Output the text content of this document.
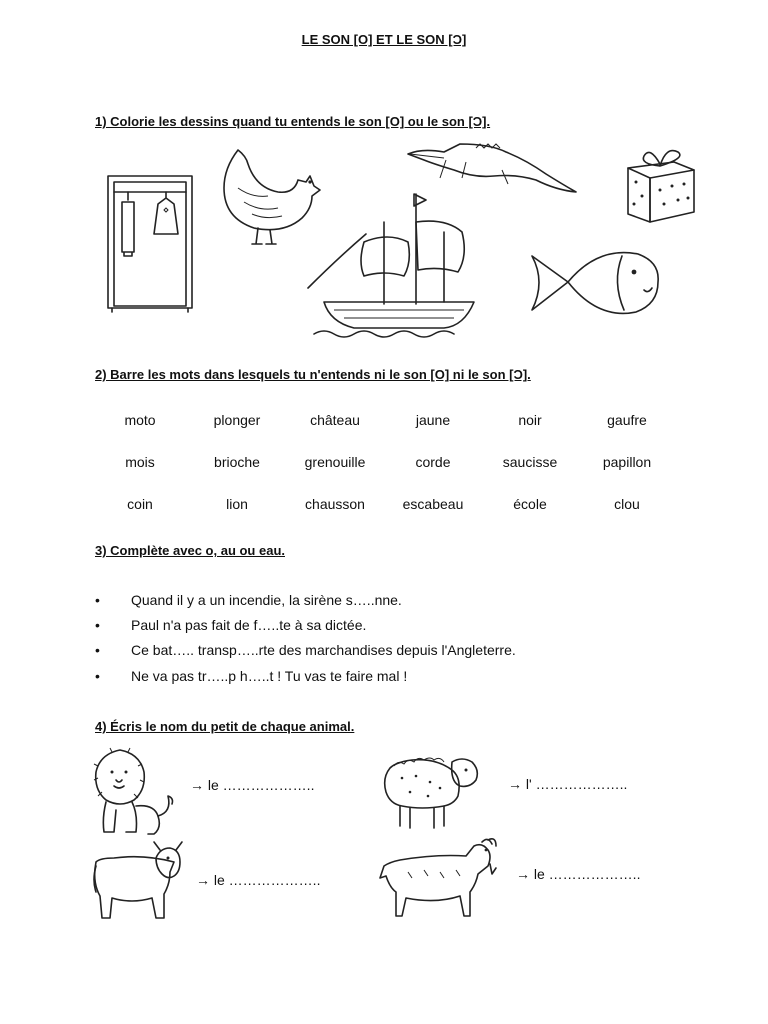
LE SON [O] ET LE SON [Ɔ]
1) Colorie les dessins quand tu entends le son [O] ou le son [Ɔ].
2) Barre les mots dans lesquels tu n'entends ni le son [O] ni le son [Ɔ].
moto	plonger	château	jaune	noir	gaufre
mois	brioche	grenouille	corde	saucisse	papillon
coin	lion	chausson	escabeau	école	clou
3) Complète avec o, au ou eau.
• Quand il y a un incendie, la sirène s…..nne.
• Paul n'a pas fait de f…..te à sa dictée.
• Ce bat….. transp…..rte des marchandises depuis l'Angleterre.
• Ne va pas tr…..p h…..t ! Tu vas te faire mal !
4) Écris le nom du petit de chaque animal.
→ le ………………..	→ l' ………………..
→ le ………………..	→ le ………………..
